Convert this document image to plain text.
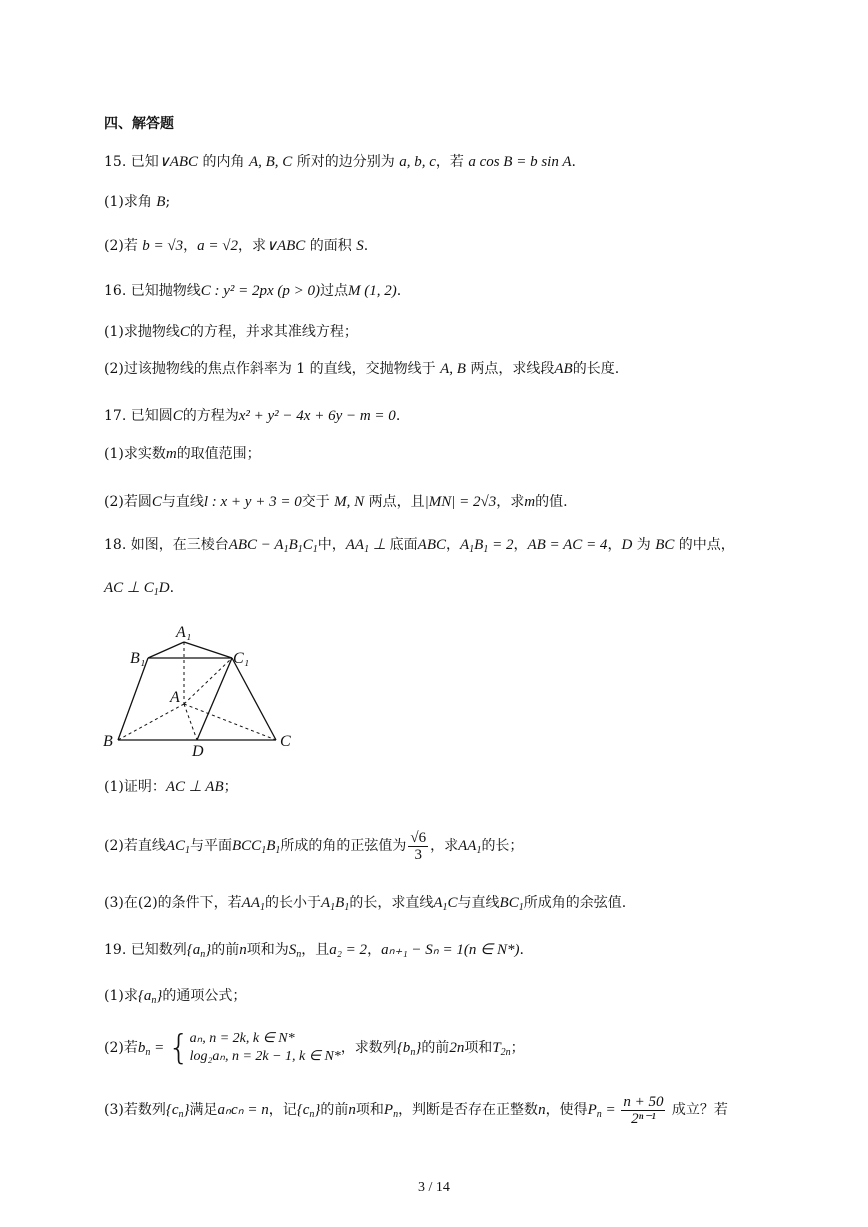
四、解答题
15. 已知∨ABC 的内角 A, B, C 所对的边分别为 a, b, c，若 a cos B = b sin A.
(1)求角 B;
(2)若 b = √3，a = √2，求∨ABC 的面积 S.
16. 已知抛物线C : y² = 2px (p > 0)过点M (1, 2).
(1)求抛物线C的方程，并求其准线方程；
(2)过该抛物线的焦点作斜率为 1 的直线，交抛物线于 A, B 两点，求线段AB的长度.
17. 已知圆C的方程为x² + y² − 4x + 6y − m = 0.
(1)求实数m的取值范围；
(2)若圆C与直线l : x + y + 3 = 0交于 M, N 两点，且|MN| = 2√3，求m的值.
18. 如图，在三棱台ABC − $A_1B_1C_1$中，$AA_1$ ⊥ 底面ABC，$A_1B_1 = 2$，AB = AC = 4，D 为 BC 的中点，
AC ⊥ $C_1D$.
A₁
B₁	C₁
A
B	C
D
(1)证明：AC ⊥ AB；
(2)若直线$AC_1$与平面$BCC_1B_1$所成的角的正弦值为 $\frac{√6}{3}$ ，求$AA_1$的长；
(3)在(2)的条件下，若$AA_1$的长小于$A_1B_1$的长，求直线$A_1C$与直线$BC_1$所成角的余弦值.
19. 已知数列$\{a_n\}$的前n项和为$S_n$，且a₂ = 2，aₙ₊₁ − Sₙ = 1(n ∈ N*).
(1)求$\{a_n\}$的通项公式；
(2)若$b_n$ = { aₙ, n = 2k, k ∈ N*
log₂aₙ, n = 2k − 1, k ∈ N*
，求数列$\{b_n\}$的前2n项和$T_{2n}$；
(3)若数列$\{c_n\}$满足aₙcₙ = n，记$\{c_n\}$的前n项和$P_n$，判断是否存在正整数n，使得$P_n = \frac{n + 50}{\text{2ⁿ⁻¹}}$ 成立？若
3 / 14
